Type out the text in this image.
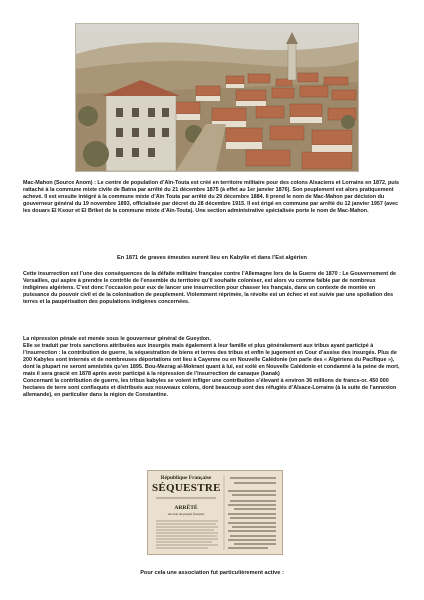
Mac-Mahon (Source Anom) : Le centre de population d’Aïn-Touta est créé en territoire militaire pour des colons Alsaciens et Lorrains en 1872, puis rattaché à la commune mixte civile de Batna par arrêté du 21 décembre 1875 (à effet au 1er janvier 1876). Son peuplement est alors pratiquement achevé. Il est ensuite intégré à la commune mixte d’Aïn Touta par arrêté du 29 décembre 1884. Il prend le nom de Mac-Mahon par décision du gouverneur général du 19 novembre 1893, officialisée par décret du 28 décembre 1915. Il est érigé en commune par arrêté du 12 janvier 1957 (avec les douars El Ksour et El Briket de la commune mixte d’Aïn-Touta). Une section administrative spécialisée porte le nom de Mac-Mahon.

En 1871 de graves émeutes eurent lieu en Kabylie et dans l’Est algérien

Cette insurrection est l’une des conséquences de la défaite militaire française contre l’Allemagne lors de la Guerre de 1870 : Le Gouvernement de Versailles, qui aspire à prendre le contrôle de l’ensemble du territoire qu’il souhaite coloniser, est alors vu comme faible par de nombreux indigènes algériens. C’est donc l’occasion pour eux de lancer une insurrection pour chasser les français, dans un contexte de montée en puissance du pouvoir civil et de la colonisation de peuplement. Violemment réprimée, la révolte est un échec et est suivie par une spoliation des terres et la paupérisation des populations indigènes concernées.

La répression pénale est menée sous le gouverneur général de Gueydon.
Elle se traduit par trois sanctions attribuées aux insurgés mais également à leur famille et plus généralement aux tribus ayant participé à l’insurrection : la contribution de guerre, la séquestration de biens et terres des tribus et enfin le jugement en Cour d’assise des insurgés. Plus de 200 Kabyles sont internés et de nombreuses déportations ont lieu à Cayenne ou en Nouvelle Calédonie (on parle des « Algériens du Pacifique »), dont la plupart ne seront amnistiés qu’en 1895. Bou-Mezrag al-Mokrani quant à lui, est exilé en Nouvelle Calédonie et condamné à la peine de mort, mais il sera gracié en 1878 après avoir participé à la répression de l’insurrection de canaque (kanak)
Concernant la contribution de guerre, les tribus kabyles se voient infliger une contribution s’élevant à environ 36 millions de francs-or. 450 000 hectares de terre sont confisqués et distribués aux nouveaux colons, dont beaucoup sont des réfugiés d’Alsace-Lorraine (à la suite de l’annexion allemande), en particulier dans la région de Constantine.
République Française
SÉQUESTRE
ARRÊTÉ
Au nom du peuple français

Pour cela une association fut particulièrement active :
